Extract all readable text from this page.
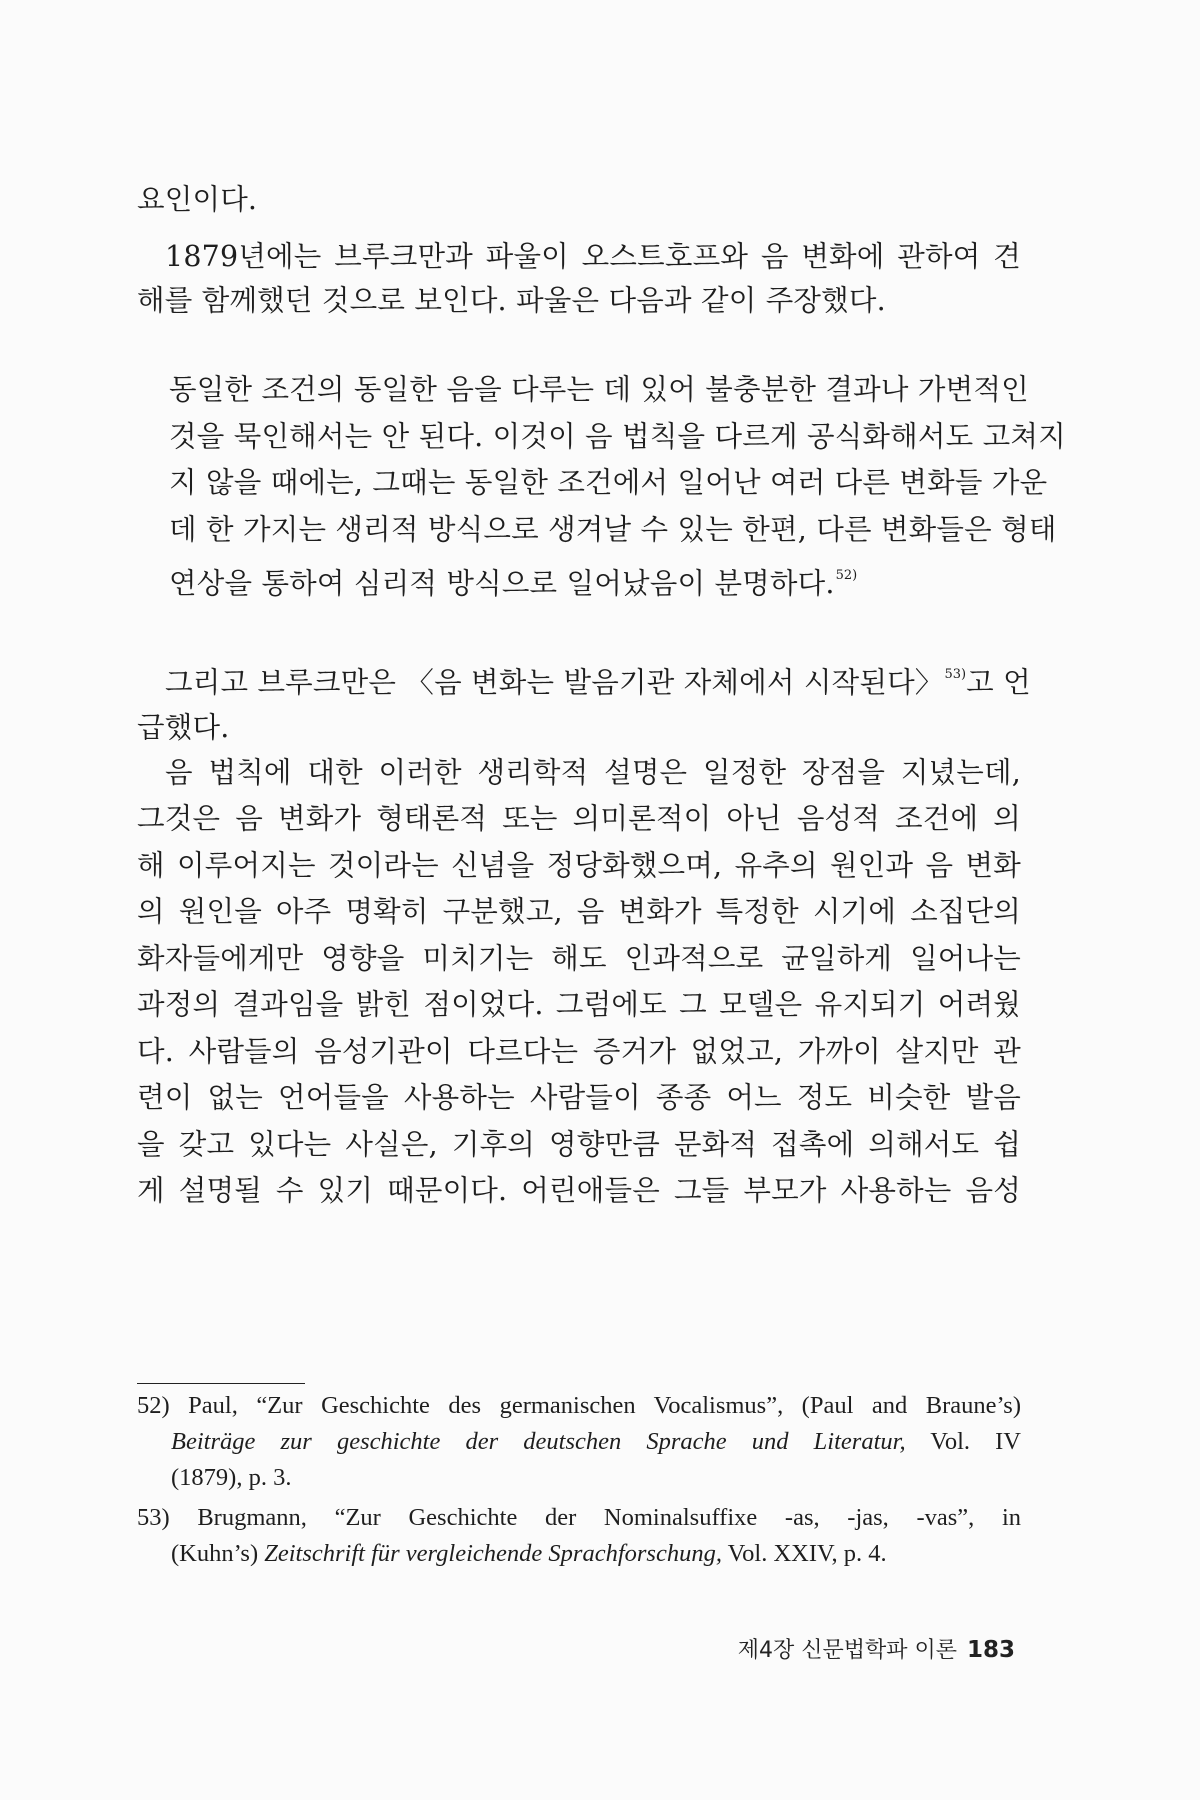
요인이다.
1879년에는 브루크만과 파울이 오스트호프와 음 변화에 관하여 견
해를 함께했던 것으로 보인다. 파울은 다음과 같이 주장했다.
동일한 조건의 동일한 음을 다루는 데 있어 불충분한 결과나 가변적인
것을 묵인해서는 안 된다. 이것이 음 법칙을 다르게 공식화해서도 고쳐지
지 않을 때에는, 그때는 동일한 조건에서 일어난 여러 다른 변화들 가운
데 한 가지는 생리적 방식으로 생겨날 수 있는 한편, 다른 변화들은 형태
연상을 통하여 심리적 방식으로 일어났음이 분명하다.$^{52)}$
그리고 브루크만은 〈음 변화는 발음기관 자체에서 시작된다〉$^{53)}$고 언
급했다.
음 법칙에 대한 이러한 생리학적 설명은 일정한 장점을 지녔는데,
그것은 음 변화가 형태론적 또는 의미론적이 아닌 음성적 조건에 의
해 이루어지는 것이라는 신념을 정당화했으며, 유추의 원인과 음 변화
의 원인을 아주 명확히 구분했고, 음 변화가 특정한 시기에 소집단의
화자들에게만 영향을 미치기는 해도 인과적으로 균일하게 일어나는
과정의 결과임을 밝힌 점이었다. 그럼에도 그 모델은 유지되기 어려웠
다. 사람들의 음성기관이 다르다는 증거가 없었고, 가까이 살지만 관
련이 없는 언어들을 사용하는 사람들이 종종 어느 정도 비슷한 발음
을 갖고 있다는 사실은, 기후의 영향만큼 문화적 접촉에 의해서도 쉽
게 설명될 수 있기 때문이다. 어린애들은 그들 부모가 사용하는 음성
52) Paul, “Zur Geschichte des germanischen Vocalismus”, (Paul and Braune’s)
Beiträge zur geschichte der deutschen Sprache und Literatur, Vol. IV
(1879), p. 3.
53) Brugmann, “Zur Geschichte der Nominalsuffixe -as, -jas, -vas”, in
(Kuhn’s) Zeitschrift für vergleichende Sprachforschung, Vol. XXIV, p. 4.
제4장 신문법학파 이론 183
